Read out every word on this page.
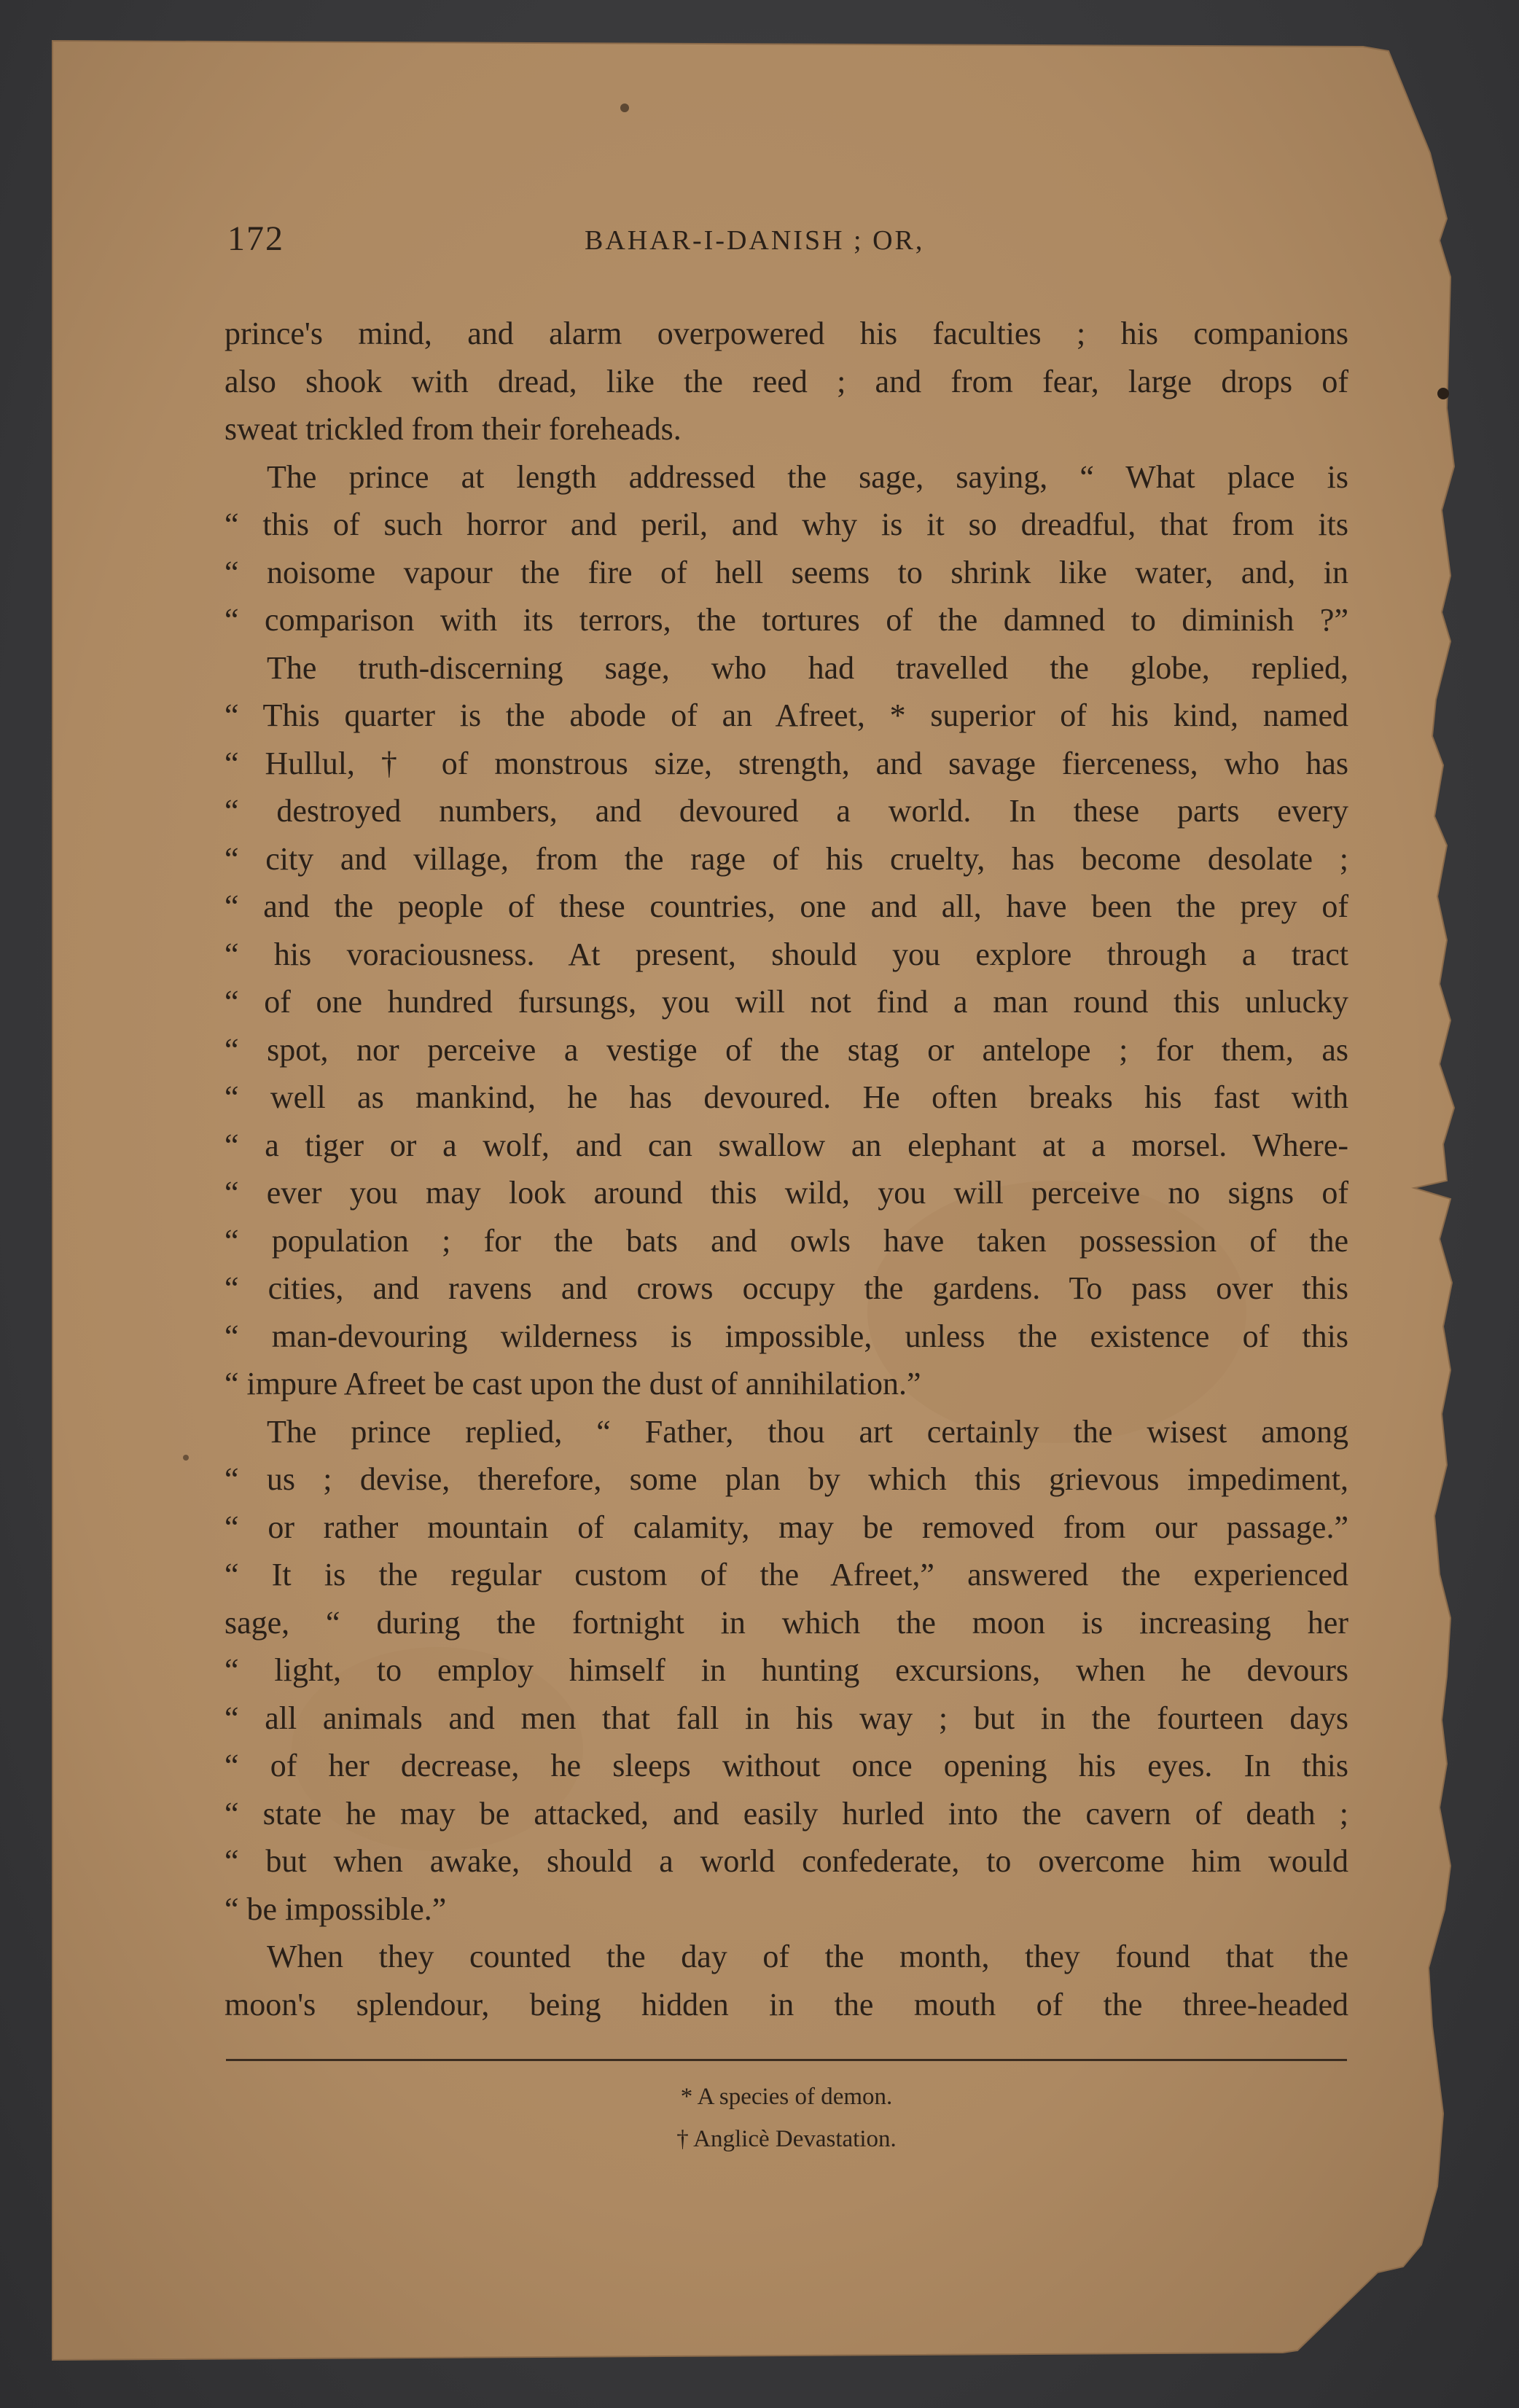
172	BAHAR-I-DANISH ; OR,
prince's mind, and alarm overpowered his faculties ; his companions
also shook with dread, like the reed ; and from fear, large drops of
sweat trickled from their foreheads.
The prince at length addressed the sage, saying, “ What place is
“ this of such horror and peril, and why is it so dreadful, that from its
“ noisome vapour the fire of hell seems to shrink like water, and, in
“ comparison with its terrors, the tortures of the damned to diminish ?”
The truth-discerning sage, who had travelled the globe, replied,
“ This quarter is the abode of an Afreet, * superior of his kind, named
“ Hullul, † of monstrous size, strength, and savage fierceness, who has
“ destroyed numbers, and devoured a world. In these parts every
“ city and village, from the rage of his cruelty, has become desolate ;
“ and the people of these countries, one and all, have been the prey of
“ his voraciousness. At present, should you explore through a tract
“ of one hundred fursungs, you will not find a man round this unlucky
“ spot, nor perceive a vestige of the stag or antelope ; for them, as
“ well as mankind, he has devoured. He often breaks his fast with
“ a tiger or a wolf, and can swallow an elephant at a morsel. Where-
“ ever you may look around this wild, you will perceive no signs of
“ population ; for the bats and owls have taken possession of the
“ cities, and ravens and crows occupy the gardens. To pass over this
“ man-devouring wilderness is impossible, unless the existence of this
“ impure Afreet be cast upon the dust of annihilation.”
The prince replied, “ Father, thou art certainly the wisest among
“ us ; devise, therefore, some plan by which this grievous impediment,
“ or rather mountain of calamity, may be removed from our passage.”
“ It is the regular custom of the Afreet,” answered the experienced
sage, “ during the fortnight in which the moon is increasing her
“ light, to employ himself in hunting excursions, when he devours
“ all animals and men that fall in his way ; but in the fourteen days
“ of her decrease, he sleeps without once opening his eyes. In this
“ state he may be attacked, and easily hurled into the cavern of death ;
“ but when awake, should a world confederate, to overcome him would
“ be impossible.”
When they counted the day of the month, they found that the
moon's splendour, being hidden in the mouth of the three-headed
* A species of demon.
† Anglicè Devastation.
